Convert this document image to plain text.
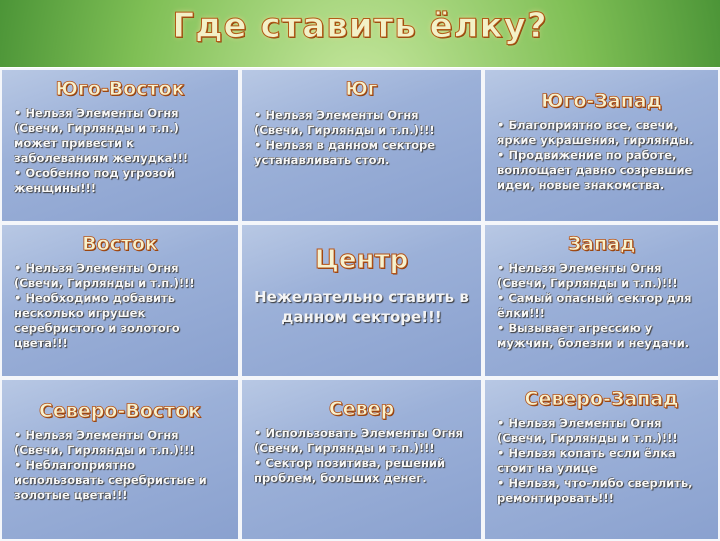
Где ставить ёлку?
Юго-Восток
• Нельзя Элементы Огня (Свечи, Гирлянды и т.п.) может привести к заболеваниям желудка!!!
• Особенно под угрозой женщины!!!
Юг
• Нельзя Элементы Огня (Свечи, Гирлянды и т.п.)!!!
• Нельзя в данном секторе устанавливать стол.
Юго-Запад
• Благоприятно все, свечи, яркие украшения, гирлянды.
• Продвижение по работе, воплощает давно созревшие идеи, новые знакомства.
Восток
• Нельзя Элементы Огня (Свечи, Гирлянды и т.п.)!!!
• Необходимо добавить несколько игрушек серебристого и золотого цвета!!!
Центр
Нежелательно ставить в данном секторе!!!
Запад
• Нельзя Элементы Огня (Свечи, Гирлянды и т.п.)!!!
• Самый опасный сектор для ёлки!!!
• Вызывает агрессию у мужчин, болезни и неудачи.
Северо-Восток
• Нельзя Элементы Огня (Свечи, Гирлянды и т.п.)!!!
• Неблагоприятно использовать серебристые и золотые цвета!!!
Север
• Использовать Элементы Огня (Свечи, Гирлянды и т.п.)!!!
• Сектор позитива, решений проблем, больших денег.
Северо-Запад
• Нельзя Элементы Огня (Свечи, Гирлянды и т.п.)!!!
• Нельзя копать если ёлка стоит на улице
• Нельзя, что-либо сверлить, ремонтировать!!!
